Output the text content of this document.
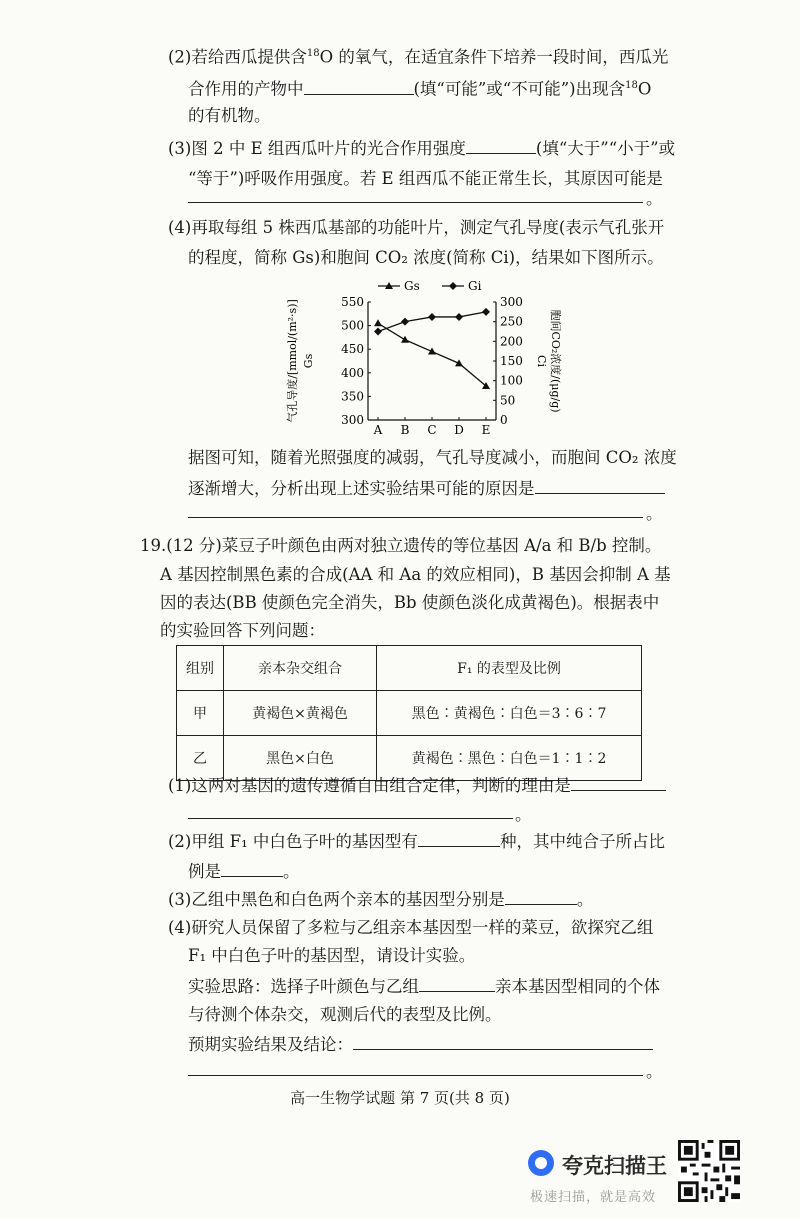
(2)若给西瓜提供含$^{18}$O 的氧气，在适宜条件下培养一段时间，西瓜光
合作用的产物中	(填“可能”或“不可能”)出现含$^{18}$O
的有机物。
(3)图 2 中 E 组西瓜叶片的光合作用强度	(填“大于”“小于”或
“等于”)呼吸作用强度。若 E 组西瓜不能正常生长，其原因可能是
。
(4)再取每组 5 株西瓜基部的功能叶片，测定气孔导度(表示气孔张开
的程度，简称 Gs)和胞间 CO₂ 浓度(简称 Ci)，结果如下图所示。
300
350
400
450
500
550
0
50
100
150
200
250
300
A B C D E
气孔导度/[mmol/(m²·s)] Gs	胞间CO₂浓度/(μg/g)
Ci
Gs	Gi
据图可知，随着光照强度的减弱，气孔导度减小，而胞间 CO₂ 浓度
逐渐增大，分析出现上述实验结果可能的原因是
。
19.(12 分)菜豆子叶颜色由两对独立遗传的等位基因 A/a 和 B/b 控制。
A 基因控制黑色素的合成(AA 和 Aa 的效应相同)，B 基因会抑制 A 基
因的表达(BB 使颜色完全消失，Bb 使颜色淡化成黄褐色)。根据表中
的实验回答下列问题：
组别	亲本杂交组合	F₁ 的表型及比例
甲	黄褐色×黄褐色	黑色∶黄褐色∶白色＝3∶6∶7
乙	黑色×白色	黄褐色∶黑色∶白色＝1∶1∶2
(1)这两对基因的遗传遵循自由组合定律，判断的理由是
。
(2)甲组 F₁ 中白色子叶的基因型有	种，其中纯合子所占比
例是	。
(3)乙组中黑色和白色两个亲本的基因型分别是	。
(4)研究人员保留了多粒与乙组亲本基因型一样的菜豆，欲探究乙组
F₁ 中白色子叶的基因型，请设计实验。
实验思路：选择子叶颜色与乙组	亲本基因型相同的个体
与待测个体杂交，观测后代的表型及比例。
预期实验结果及结论：
。
高一生物学试题 第 7 页(共 8 页)
夸克扫描王
极速扫描，就是高效
